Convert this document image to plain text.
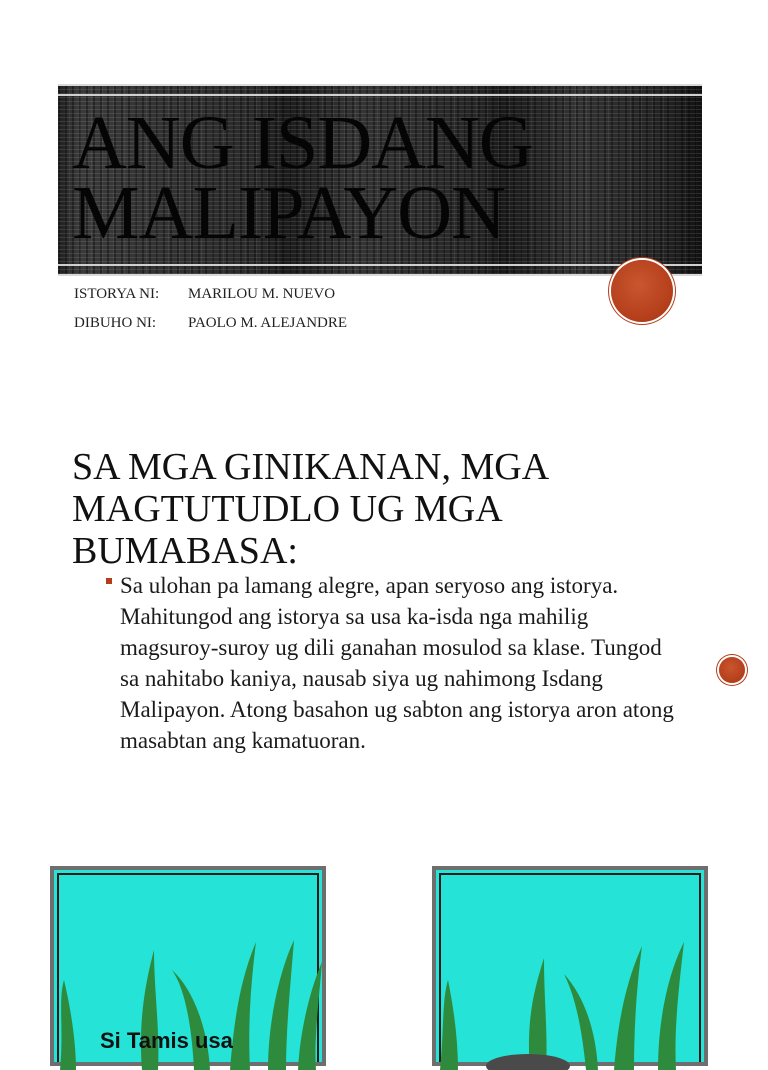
ANG ISDANG
MALIPAYON
ISTORYA NI:	MARILOU M. NUEVO
DIBUHO NI:	PAOLO M. ALEJANDRE
SA MGA GINIKANAN, MGA
MAGTUTUDLO UG MGA
BUMABASA:
Sa ulohan pa lamang alegre, apan seryoso ang istorya. Mahitungod ang istorya sa usa ka-isda nga mahilig magsuroy-suroy ug dili ganahan mosulod sa klase. Tungod sa nahitabo kaniya, nausab siya ug nahimong Isdang Malipayon. Atong basahon ug sabton ang istorya aron atong masabtan ang kamatuoran.
Si Tamis usa
